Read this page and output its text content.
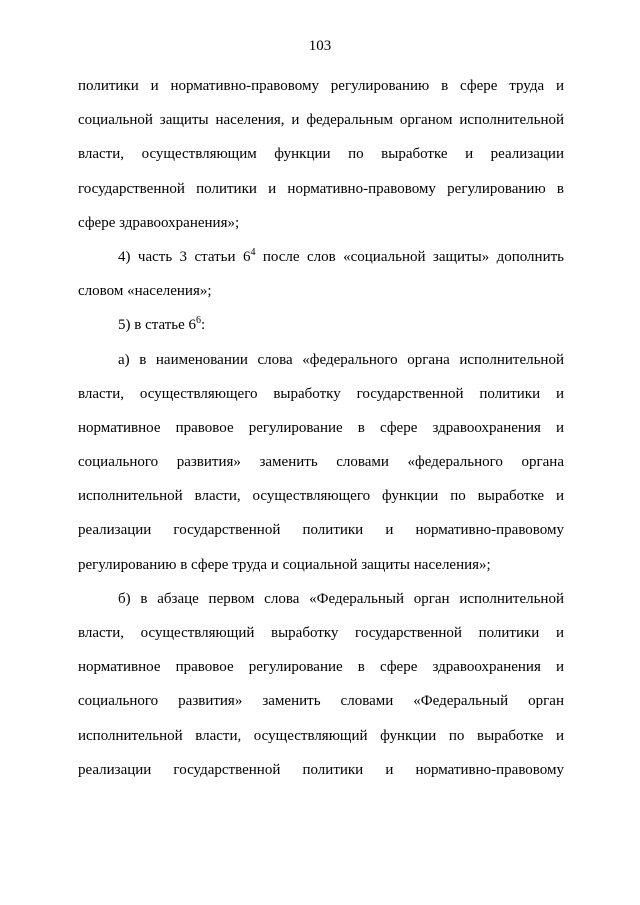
103
политики и нормативно-правовому регулированию в сфере труда и
социальной защиты населения, и федеральным органом исполнительной
власти, осуществляющим функции по выработке и реализации
государственной политики и нормативно-правовому регулированию в
сфере здравоохранения»;
4) часть 3 статьи $6^4$ после слов «социальной защиты» дополнить
словом «населения»;
5) в статье $6^6$:
а) в наименовании слова «федерального органа исполнительной
власти, осуществляющего выработку государственной политики и
нормативное правовое регулирование в сфере здравоохранения и
социального развития» заменить словами «федерального органа
исполнительной власти, осуществляющего функции по выработке и
реализации государственной политики и нормативно-правовому
регулированию в сфере труда и социальной защиты населения»;
б) в абзаце первом слова «Федеральный орган исполнительной
власти, осуществляющий выработку государственной политики и
нормативное правовое регулирование в сфере здравоохранения и
социального развития» заменить словами «Федеральный орган
исполнительной власти, осуществляющий функции по выработке и
реализации государственной политики и нормативно-правовому
